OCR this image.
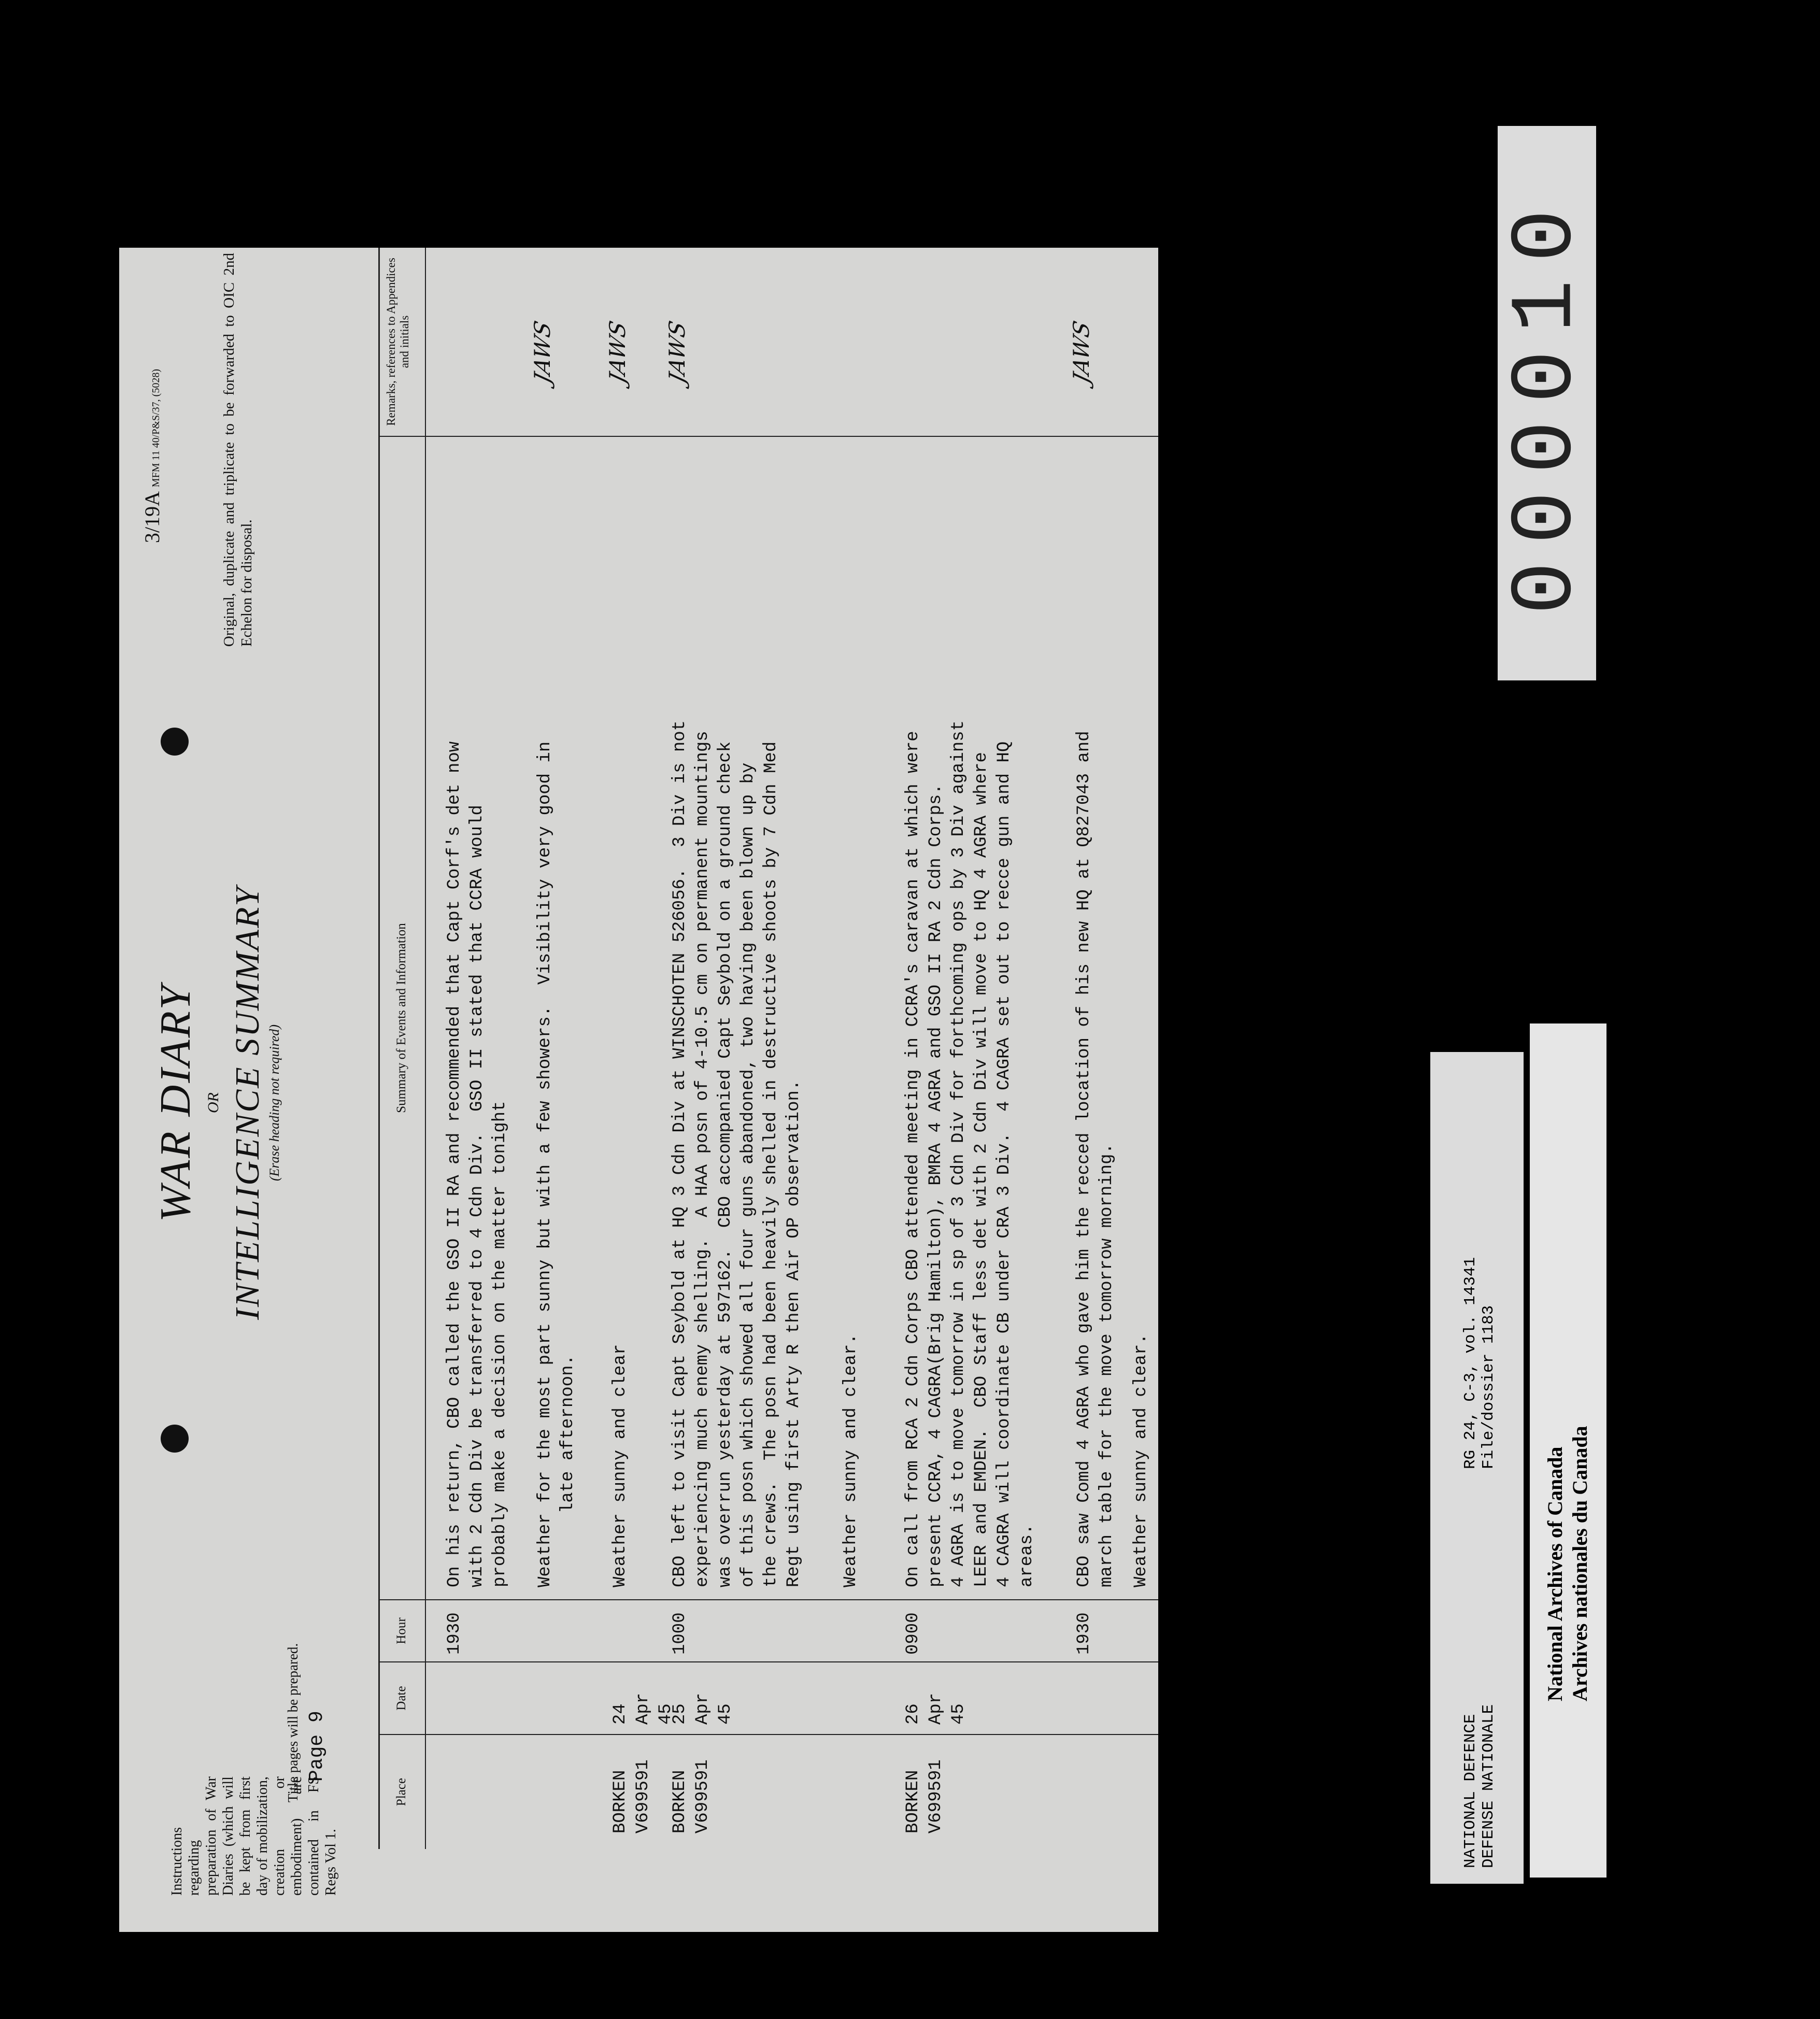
Instructions regarding preparation of War Diaries (which will be kept from first day of mobilization, creation or embodiment) are contained in FS Regs Vol 1.
Title pages will be prepared. Page 9
WAR DIARY OR INTELLIGENCE SUMMARY (Erase heading not required)
3/19A MFM 11 40/P&S/37, (5028)	Original, duplicate and triplicate to be forwarded to OIC 2nd Echelon for disposal.
Place
Date
Hour
Summary of Events and Information
Remarks, references to Appendices and initials
1930
On his return, CBO called the GSO II RA and recommended that Capt Corf's det now with 2 Cdn Div be transferred to 4 Cdn Div.  GSO II stated that CCRA would probably make a decision on the matter tonight Weather for the most part sunny but with a few showers.  Visibility very good in late afternoon.
JAWS
BORKEN
V699591
24
Apr
45
Weather sunny and clear
JAWS
BORKEN
V699591
25
Apr
45
1000
CBO left to visit Capt Seybold at HQ 3 Cdn Div at WINSCHOTEN 526056.  3 Div is not experiencing much enemy shelling.  A HAA posn of 4-10.5 cm on permanent mountings was overrun yesterday at 597162.  CBO accompanied Capt Seybold on a ground check of this posn which showed all four guns abandoned, two having been blown up by the crews.  The posn had been heavily shelled in destructive shoots by 7 Cdn Med Regt using first Arty R then Air OP observation.
JAWS
Weather sunny and clear.
BORKEN
V699591
26
Apr
45
0900
On call from RCA 2 Cdn Corps CBO attended meeting in CCRA's caravan at which were present CCRA, 4 CAGRA(Brig Hamilton), BMRA 4 AGRA and GSO II RA 2 Cdn Corps. 4 AGRA is to move tomorrow in sp of 3 Cdn Div for forthcoming ops by 3 Div against LEER and EMDEN.  CBO Staff less det with 2 Cdn Div will move to HQ 4 AGRA where 4 CAGRA will coordinate CB under CRA 3 Div.  4 CAGRA set out to recce gun and HQ areas.
1930
CBO saw Comd 4 AGRA who gave him the recced location of his new HQ at Q827043 and march table for the move tomorrow morning.
JAWS
Weather sunny and clear.
000010
NATIONAL DEFENCE DEFENSE NATIONALE
RG 24, C-3, vol. 14341 File/dossier 1183
National Archives of Canada Archives nationales du Canada
